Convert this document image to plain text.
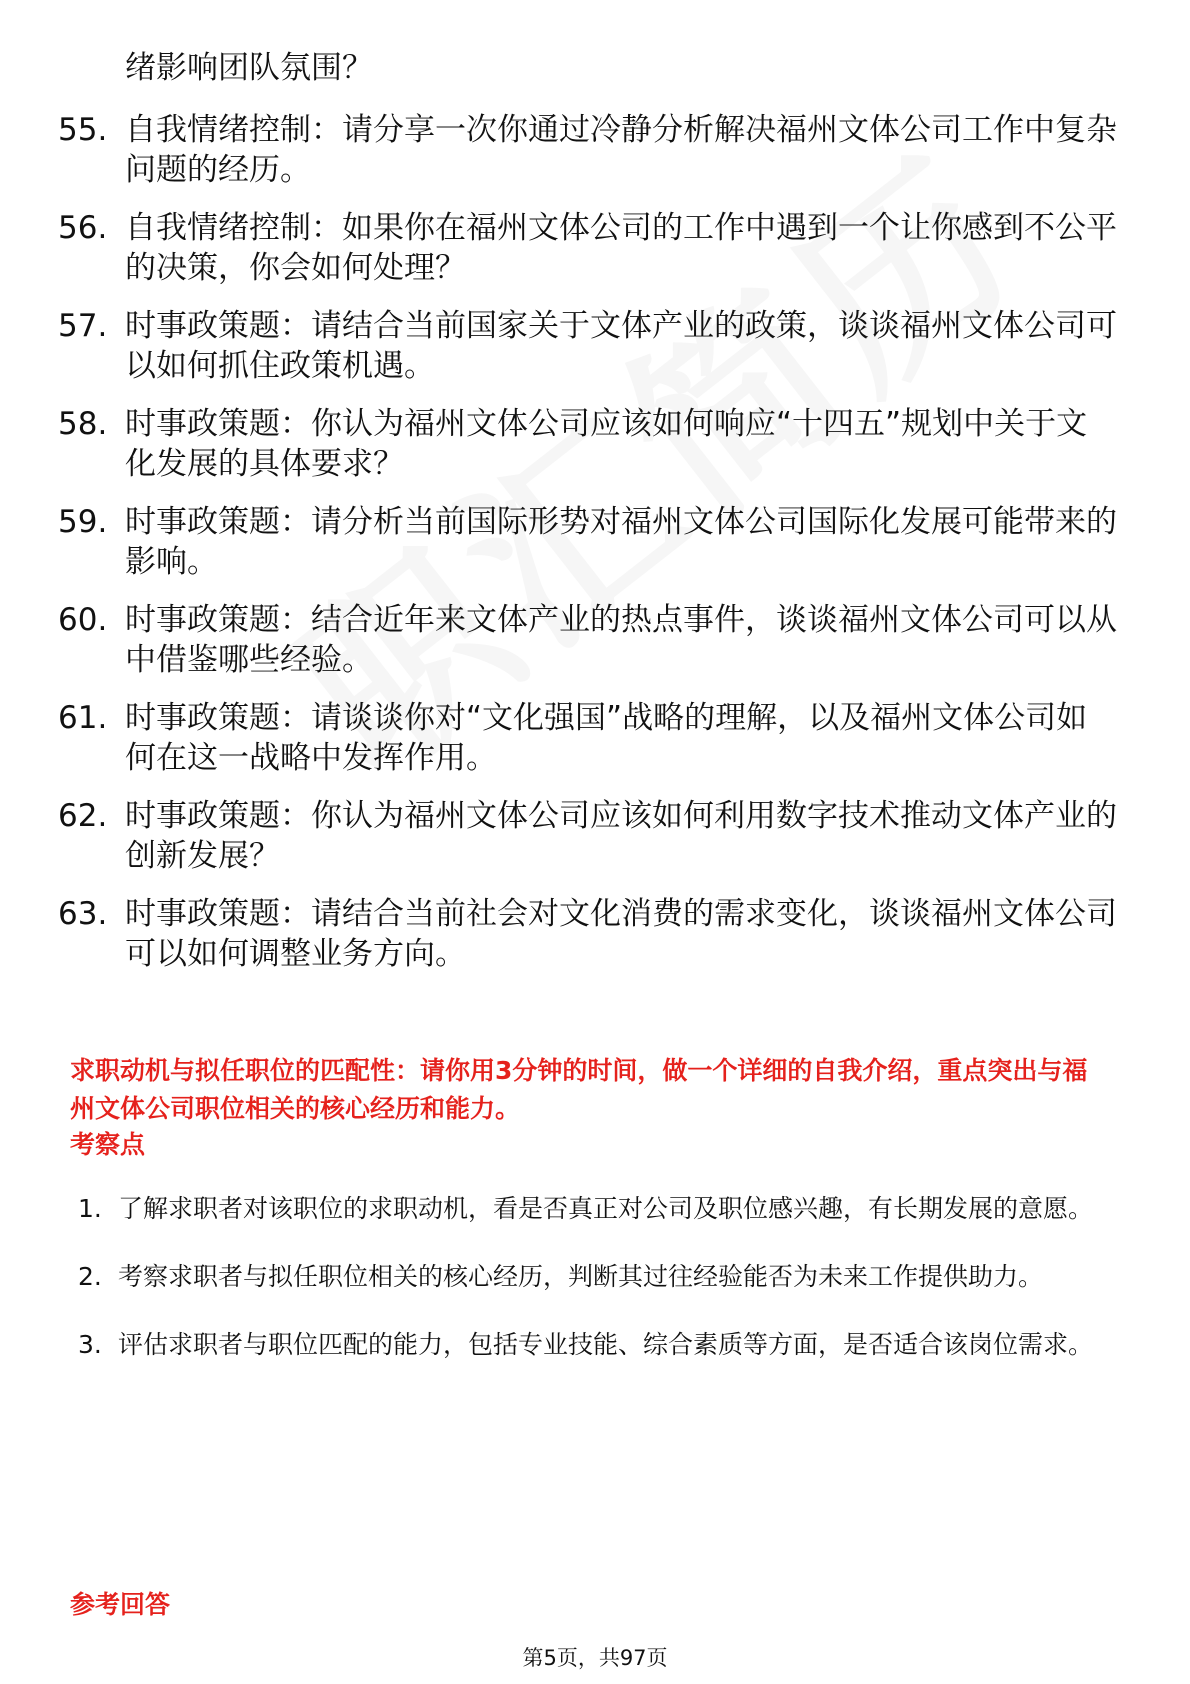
绪影响团队氛围？

55. 自我情绪控制：请分享一次你通过冷静分析解决福州文体公司工作中复杂问题的经历。
56. 自我情绪控制：如果你在福州文体公司的工作中遇到一个让你感到不公平的决策，你会如何处理？
57. 时事政策题：请结合当前国家关于文体产业的政策，谈谈福州文体公司可以如何抓住政策机遇。
58. 时事政策题：你认为福州文体公司应该如何响应“十四五”规划中关于文化发展的具体要求？
59. 时事政策题：请分析当前国际形势对福州文体公司国际化发展可能带来的影响。
60. 时事政策题：结合近年来文体产业的热点事件，谈谈福州文体公司可以从中借鉴哪些经验。
61. 时事政策题：请谈谈你对“文化强国”战略的理解，以及福州文体公司如何在这一战略中发挥作用。
62. 时事政策题：你认为福州文体公司应该如何利用数字技术推动文体产业的创新发展？
63. 时事政策题：请结合当前社会对文化消费的需求变化，谈谈福州文体公司可以如何调整业务方向。
求职动机与拟任职位的匹配性：请你用3分钟的时间，做一个详细的自我介绍，重点突出与福州文体公司职位相关的核心经历和能力。
考察点
1. 了解求职者对该职位的求职动机，看是否真正对公司及职位感兴趣，有长期发展的意愿。
2. 考察求职者与拟任职位相关的核心经历，判断其过往经验能否为未来工作提供助力。
3. 评估求职者与职位匹配的能力，包括专业技能、综合素质等方面，是否适合该岗位需求。
参考回答

第5页，共97页
